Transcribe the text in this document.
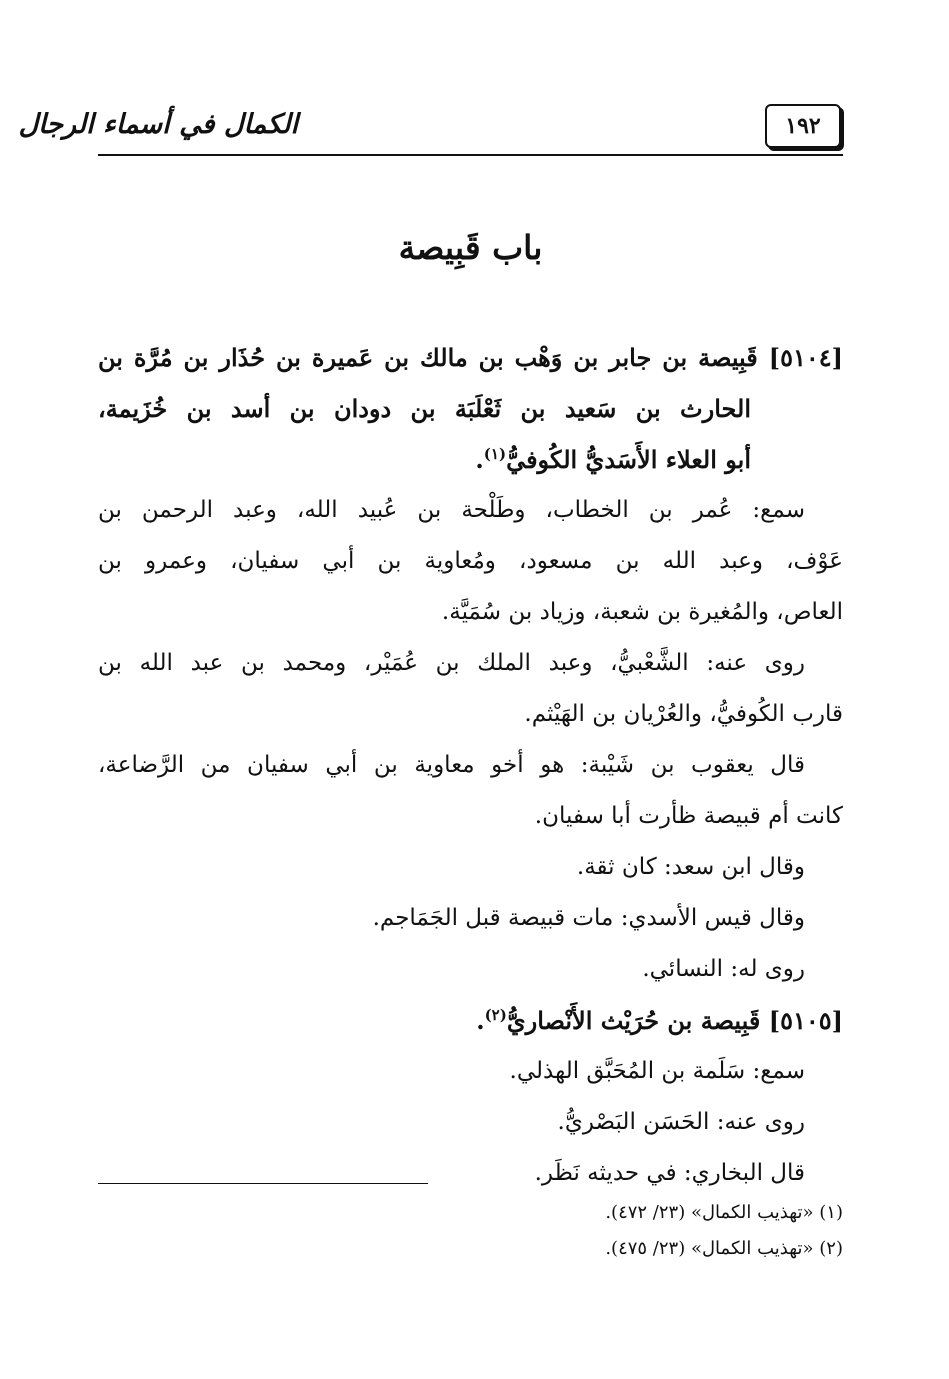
١٩٢
الكمال في أسماء الرجال
باب قَبِيصة
[٥١٠٤] قَبِيصة بن جابر بن وَهْب بن مالك بن عَميرة بن حُذَار بن مُرَّة بن
الحارث بن سَعيد بن ثَعْلَبَة بن دودان بن أسد بن خُزَيمة،
أبو العلاء الأَسَديُّ الكُوفيُّ$^{(١)}$.
سمع: عُمر بن الخطاب، وطَلْحة بن عُبيد الله، وعبد الرحمن بن
عَوْف، وعبد الله بن مسعود، ومُعاوية بن أبي سفيان، وعمرو بن
العاص، والمُغيرة بن شعبة، وزياد بن سُمَيَّة.
روى عنه: الشَّعْبيُّ، وعبد الملك بن عُمَيْر، ومحمد بن عبد الله بن
قارب الكُوفيُّ، والعُرْيان بن الهَيْثم.
قال يعقوب بن شَيْبة: هو أخو معاوية بن أبي سفيان من الرَّضاعة،
كانت أم قبيصة ظأرت أبا سفيان.
وقال ابن سعد: كان ثقة.
وقال قيس الأسدي: مات قبيصة قبل الجَمَاجم.
روى له: النسائي.
[٥١٠٥] قَبِيصة بن حُرَيْث الأَنْصاريُّ$^{(٢)}$.
سمع: سَلَمة بن المُحَبَّق الهذلي.
روى عنه: الحَسَن البَصْريُّ.
قال البخاري: في حديثه نَظَر.
(١) «تهذيب الكمال» (٢٣/ ٤٧٢).
(٢) «تهذيب الكمال» (٢٣/ ٤٧٥).
